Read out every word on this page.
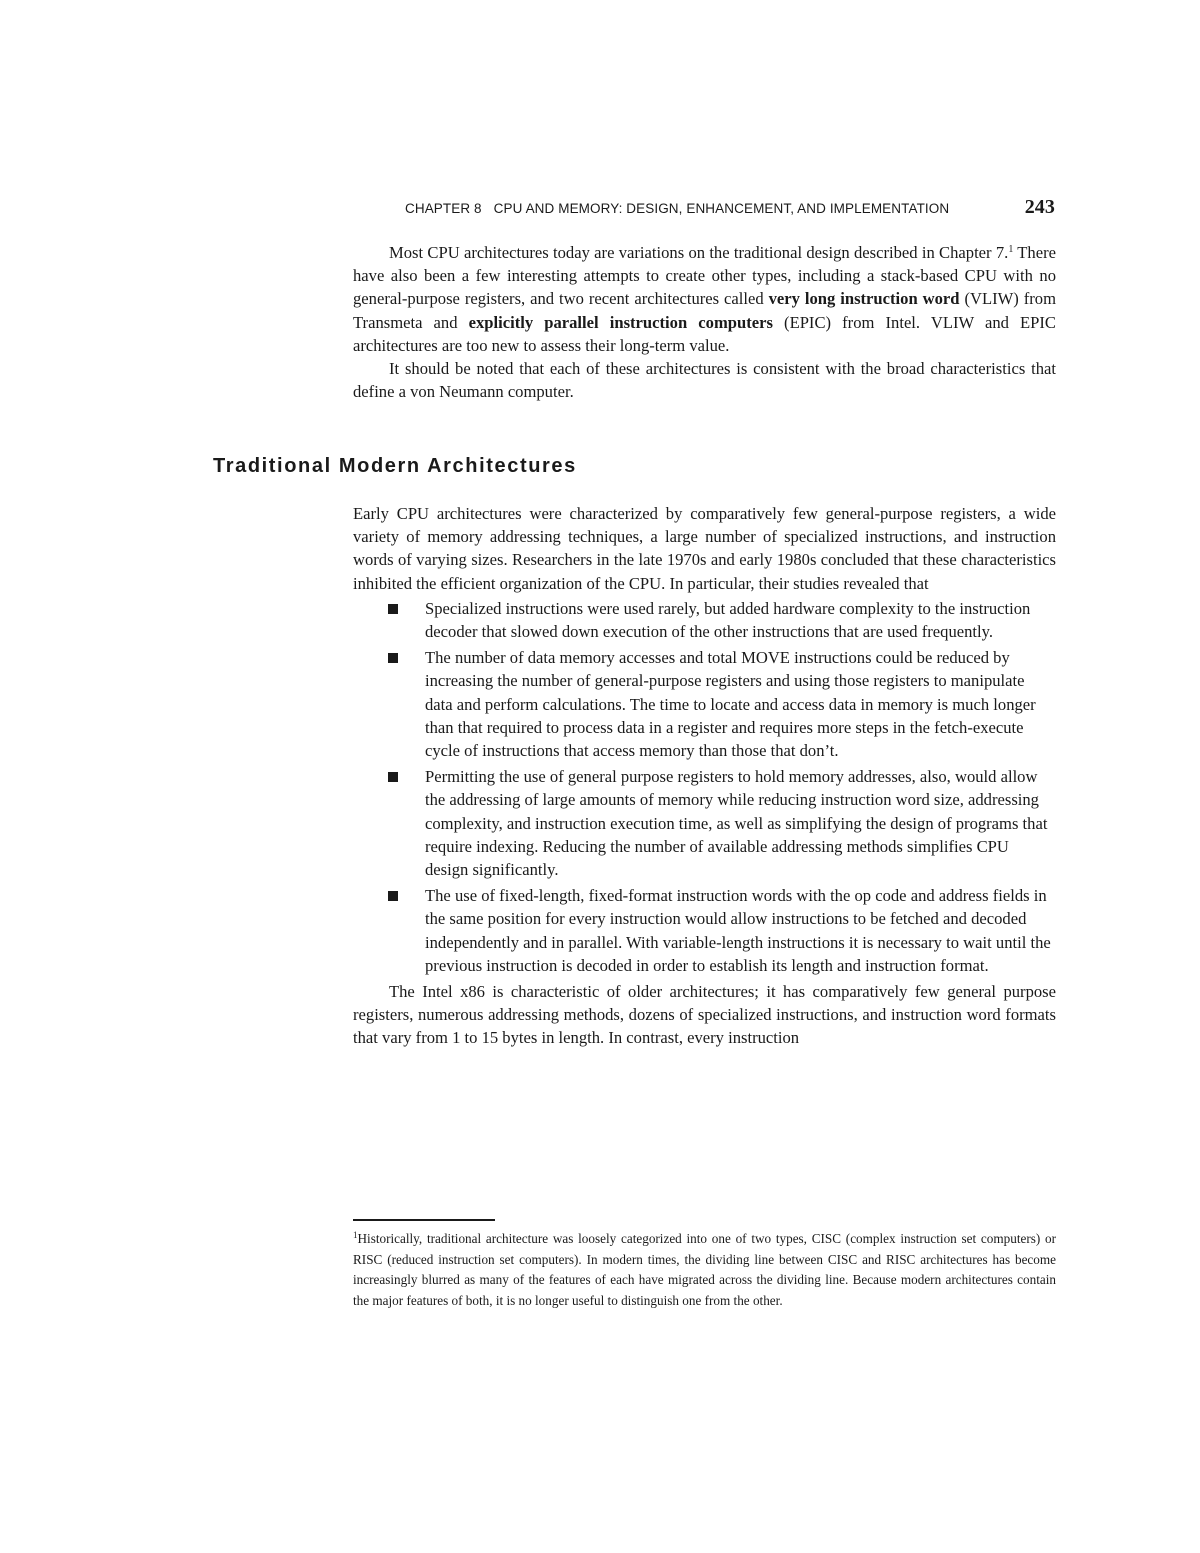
CHAPTER 8 CPU AND MEMORY: DESIGN, ENHANCEMENT, AND IMPLEMENTATION	243

Most CPU architectures today are variations on the traditional design described in Chapter 7.$^1$ There have also been a few interesting attempts to create other types, including a stack-based CPU with no general-purpose registers, and two recent architectures called very long instruction word (VLIW) from Transmeta and explicitly parallel instruction computers (EPIC) from Intel. VLIW and EPIC architectures are too new to assess their long-term value.

It should be noted that each of these architectures is consistent with the broad characteristics that define a von Neumann computer.

Traditional Modern Architectures

Early CPU architectures were characterized by comparatively few general-purpose registers, a wide variety of memory addressing techniques, a large number of specialized instructions, and instruction words of varying sizes. Researchers in the late 1970s and early 1980s concluded that these characteristics inhibited the efficient organization of the CPU. In particular, their studies revealed that

Specialized instructions were used rarely, but added hardware complexity to the instruction decoder that slowed down execution of the other instructions that are used frequently.
The number of data memory accesses and total MOVE instructions could be reduced by increasing the number of general-purpose registers and using those registers to manipulate data and perform calculations. The time to locate and access data in memory is much longer than that required to process data in a register and requires more steps in the fetch-execute cycle of instructions that access memory than those that don’t.
Permitting the use of general purpose registers to hold memory addresses, also, would allow the addressing of large amounts of memory while reducing instruction word size, addressing complexity, and instruction execution time, as well as simplifying the design of programs that require indexing. Reducing the number of available addressing methods simplifies CPU design significantly.
The use of fixed-length, fixed-format instruction words with the op code and address fields in the same position for every instruction would allow instructions to be fetched and decoded independently and in parallel. With variable-length instructions it is necessary to wait until the previous instruction is decoded in order to establish its length and instruction format.

The Intel x86 is characteristic of older architectures; it has comparatively few general purpose registers, numerous addressing methods, dozens of specialized instructions, and instruction word formats that vary from 1 to 15 bytes in length. In contrast, every instruction

$^1$Historically, traditional architecture was loosely categorized into one of two types, CISC (complex instruction set computers) or RISC (reduced instruction set computers). In modern times, the dividing line between CISC and RISC architectures has become increasingly blurred as many of the features of each have migrated across the dividing line. Because modern architectures contain the major features of both, it is no longer useful to distinguish one from the other.
